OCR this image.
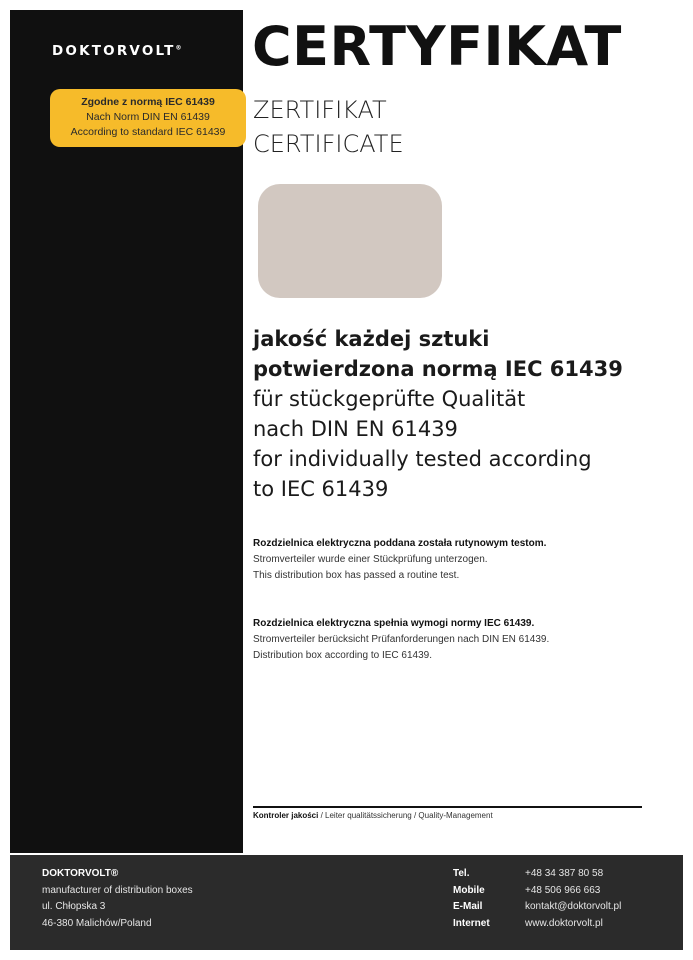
DOKTORVOLT®
Zgodne z normą IEC 61439
Nach Norm DIN EN 61439
According to standard IEC 61439
CERTYFIKAT
ZERTIFIKAT
CERTIFICATE
jakość każdej sztuki
potwierdzona normą IEC 61439
für stückgeprüfte Qualität
nach DIN EN 61439
for individually tested according
to IEC 61439
Rozdzielnica elektryczna poddana została rutynowym testom.
Stromverteiler wurde einer Stückprüfung unterzogen.
This distribution box has passed a routine test.
Rozdzielnica elektryczna spełnia wymogi normy IEC 61439.
Stromverteiler berücksicht Prüfanforderungen nach DIN EN 61439.
Distribution box according to IEC 61439.
Kontroler jakości / Leiter qualitätssicherung / Quality-Management
DOKTORVOLT®
manufacturer of distribution boxes
ul. Chłopska 3
46-380 Malichów/Poland
Tel.	+48 34 387 80 58
Mobile	+48 506 966 663
E-Mail	kontakt@doktorvolt.pl
Internet	www.doktorvolt.pl
